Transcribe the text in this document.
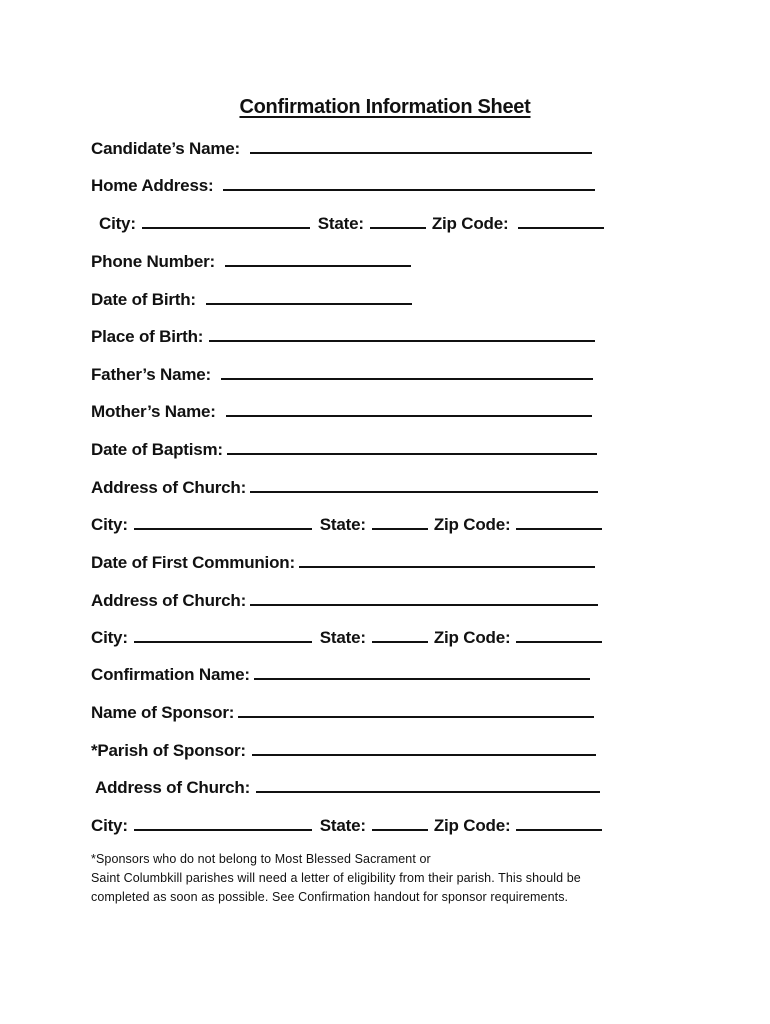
Confirmation Information Sheet
Candidate’s Name:
Home Address:
City:	State:	Zip Code:
Phone Number:
Date of Birth:
Place of Birth:
Father’s Name:
Mother’s Name:
Date of Baptism:
Address of Church:
City:	State:	Zip Code:
Date of First Communion:
Address of Church:
City:	State:	Zip Code:
Confirmation Name:
Name of Sponsor:
*Parish of Sponsor:
Address of Church:
City:	State:	Zip Code:
*Sponsors who do not belong to Most Blessed Sacrament or
Saint Columbkill parishes will need a letter of eligibility from their parish. This should be
completed as soon as possible. See Confirmation handout for sponsor requirements.
